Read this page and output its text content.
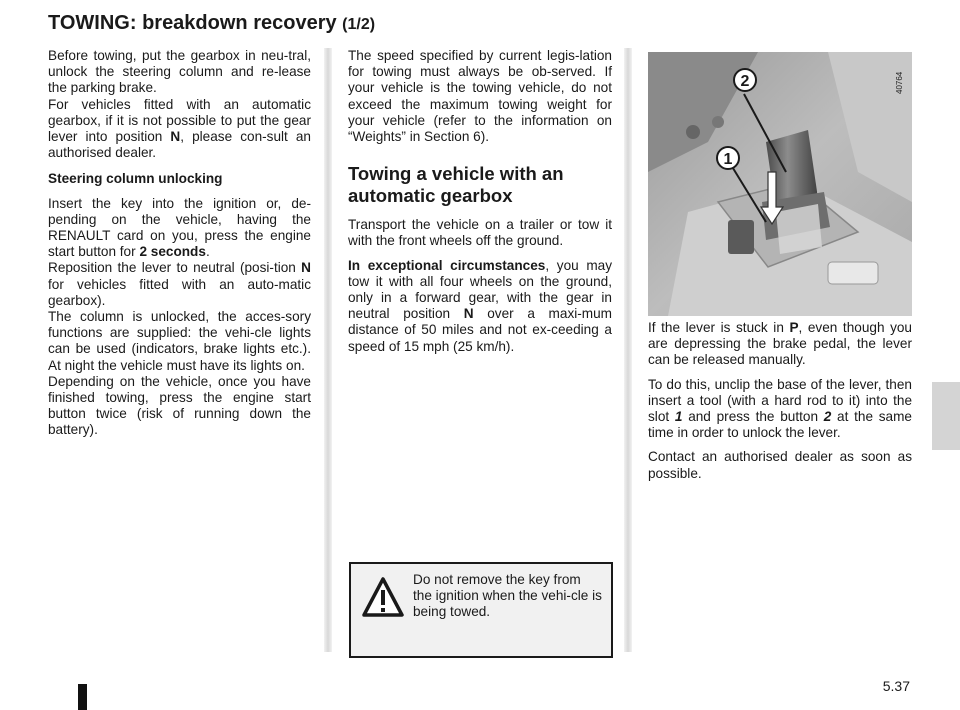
TOWING: breakdown recovery (1/2)

Before towing, put the gearbox in neu-tral, unlock the steering column and re-lease the parking brake.

For vehicles fitted with an automatic gearbox, if it is not possible to put the gear lever into position N, please con-sult an authorised dealer.

Steering column unlocking

Insert the key into the ignition or, de-pending on the vehicle, having the RENAULT card on you, press the engine start button for 2 seconds.

Reposition the lever to neutral (posi-tion N for vehicles fitted with an auto-matic gearbox).

The column is unlocked, the acces-sory functions are supplied: the vehi-cle lights can be used (indicators, brake lights etc.). At night the vehicle must have its lights on.

Depending on the vehicle, once you have finished towing, press the engine start button twice (risk of running down the battery).

The speed specified by current legis-lation for towing must always be ob-served. If your vehicle is the towing vehicle, do not exceed the maximum towing weight for your vehicle (refer to the information on “Weights” in Section 6).

Towing a vehicle with an automatic gearbox

Transport the vehicle on a trailer or tow it with the front wheels off the ground.

In exceptional circumstances, you may tow it with all four wheels on the ground, only in a forward gear, with the gear in neutral position N over a maxi-mum distance of 50 miles and not ex-ceeding a speed of 15 mph (25 km/h).

Do not remove the key from the ignition when the vehi-cle is being towed.
2
1
40764

If the lever is stuck in P, even though you are depressing the brake pedal, the lever can be released manually.

To do this, unclip the base of the lever, then insert a tool (with a hard rod to it) into the slot 1 and press the button 2 at the same time in order to unlock the lever.

Contact an authorised dealer as soon as possible.

5.37
